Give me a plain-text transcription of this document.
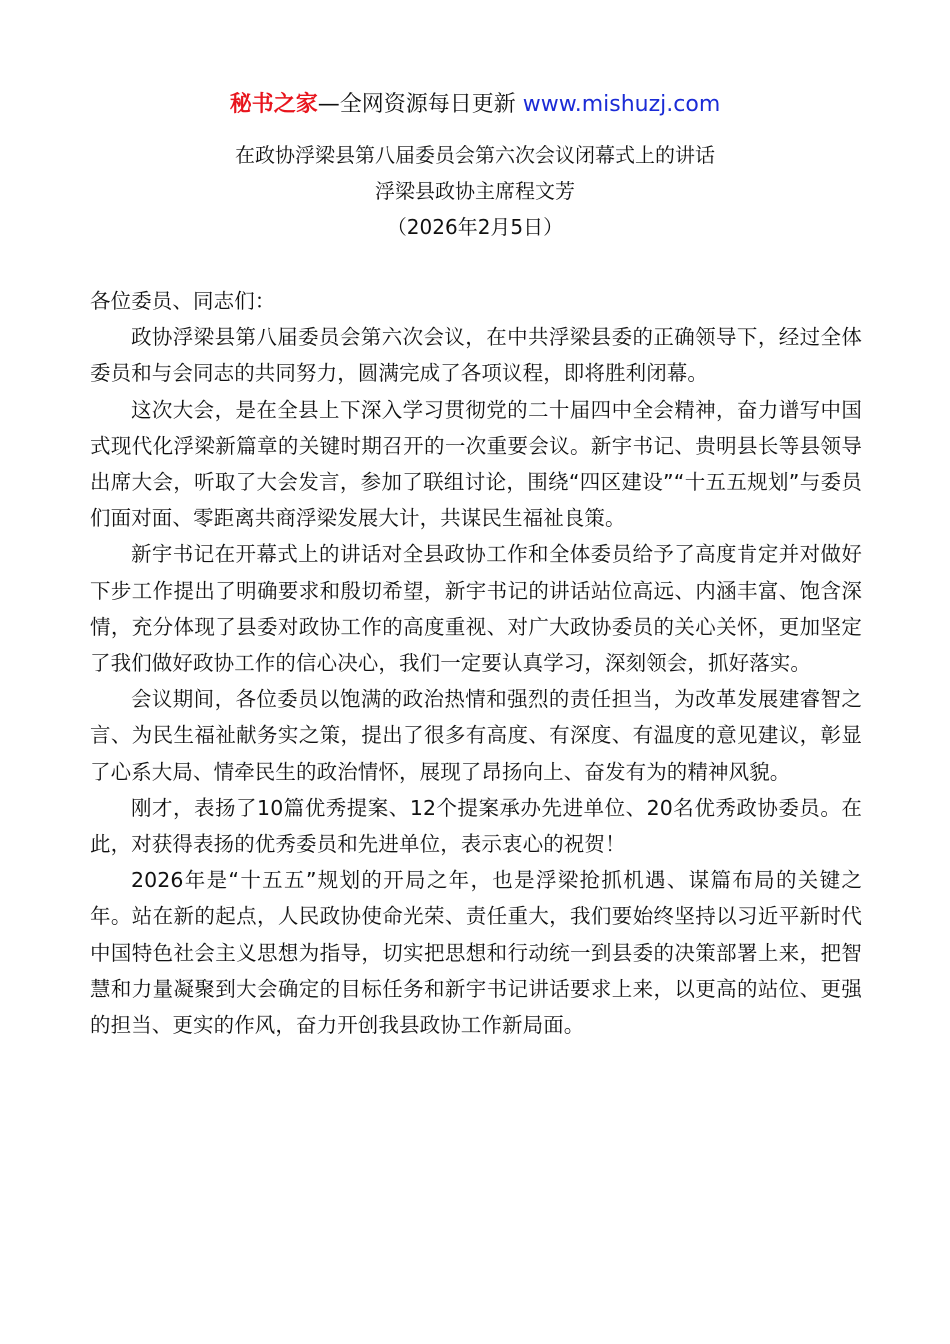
秘书之家—全网资源每日更新 www.mishuzj.com
在政协浮梁县第八届委员会第六次会议闭幕式上的讲话
浮梁县政协主席程文芳
（2026年2月5日）

各位委员、同志们：

政协浮梁县第八届委员会第六次会议，在中共浮梁县委的正确领导下，经过全体委员和与会同志的共同努力，圆满完成了各项议程，即将胜利闭幕。

这次大会，是在全县上下深入学习贯彻党的二十届四中全会精神，奋力谱写中国式现代化浮梁新篇章的关键时期召开的一次重要会议。新宇书记、贵明县长等县领导出席大会，听取了大会发言，参加了联组讨论，围绕“四区建设”“十五五规划”与委员们面对面、零距离共商浮梁发展大计，共谋民生福祉良策。

新宇书记在开幕式上的讲话对全县政协工作和全体委员给予了高度肯定并对做好下步工作提出了明确要求和殷切希望，新宇书记的讲话站位高远、内涵丰富、饱含深情，充分体现了县委对政协工作的高度重视、对广大政协委员的关心关怀，更加坚定了我们做好政协工作的信心决心，我们一定要认真学习，深刻领会，抓好落实。

会议期间，各位委员以饱满的政治热情和强烈的责任担当，为改革发展建睿智之言、为民生福祉献务实之策，提出了很多有高度、有深度、有温度的意见建议，彰显了心系大局、情牵民生的政治情怀，展现了昂扬向上、奋发有为的精神风貌。

刚才，表扬了10篇优秀提案、12个提案承办先进单位、20名优秀政协委员。在此，对获得表扬的优秀委员和先进单位，表示衷心的祝贺！

2026年是“十五五”规划的开局之年，也是浮梁抢抓机遇、谋篇布局的关键之年。站在新的起点，人民政协使命光荣、责任重大，我们要始终坚持以习近平新时代中国特色社会主义思想为指导，切实把思想和行动统一到县委的决策部署上来，把智慧和力量凝聚到大会确定的目标任务和新宇书记讲话要求上来，以更高的站位、更强的担当、更实的作风，奋力开创我县政协工作新局面。
